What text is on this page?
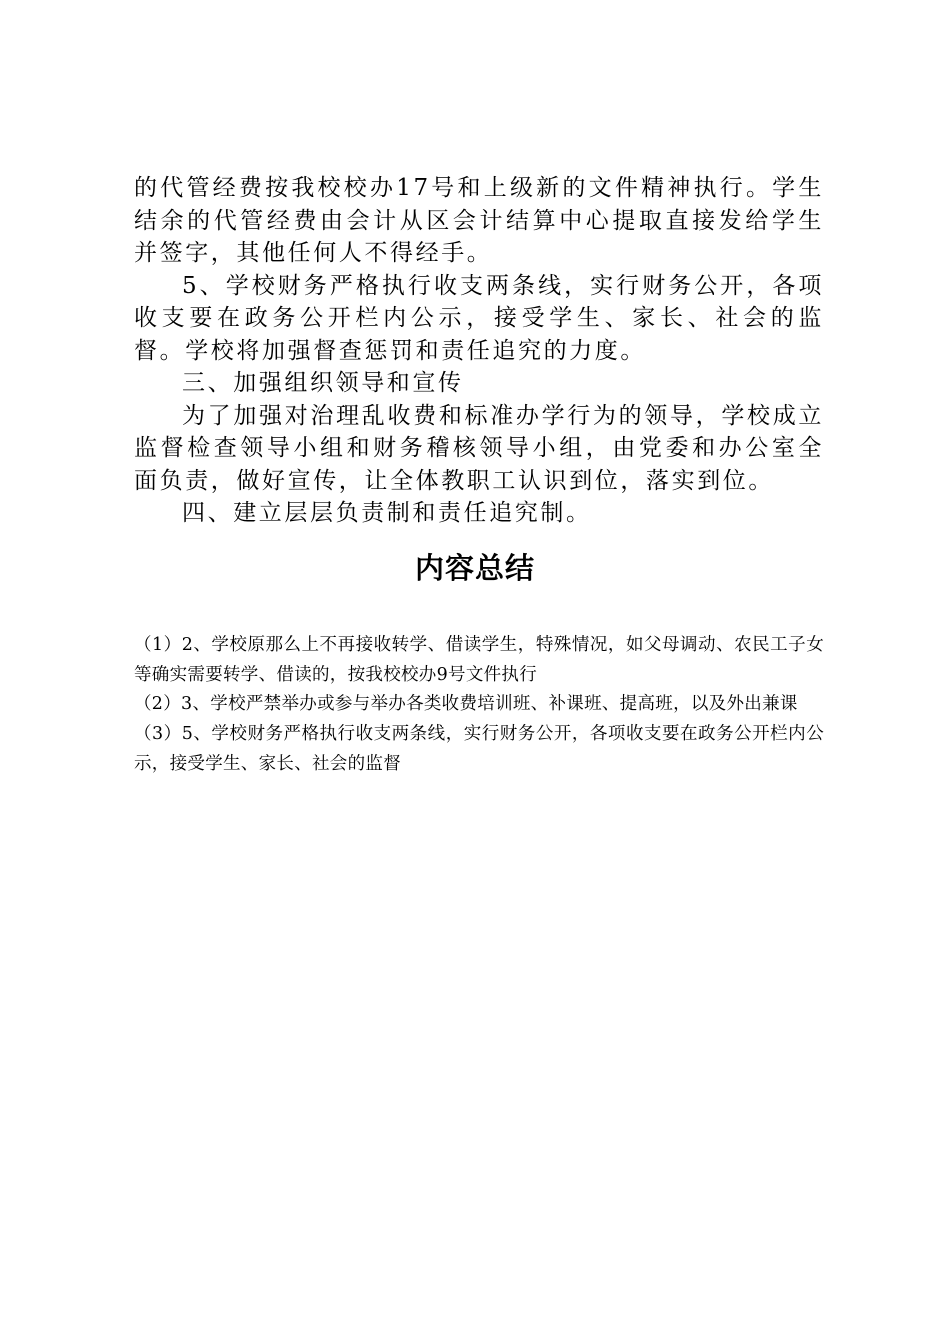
的代管经费按我校校办17号和上级新的文件精神执行。学生结余的代管经费由会计从区会计结算中心提取直接发给学生并签字，其他任何人不得经手。

5、学校财务严格执行收支两条线，实行财务公开，各项收支要在政务公开栏内公示，接受学生、家长、社会的监督。学校将加强督查惩罚和责任追究的力度。

三、加强组织领导和宣传

为了加强对治理乱收费和标准办学行为的领导，学校成立监督检查领导小组和财务稽核领导小组，由党委和办公室全面负责，做好宣传，让全体教职工认识到位，落实到位。

四、建立层层负责制和责任追究制。

内容总结

（1）2、学校原那么上不再接收转学、借读学生，特殊情况，如父母调动、农民工子女等确实需要转学、借读的，按我校校办9号文件执行

（2）3、学校严禁举办或参与举办各类收费培训班、补课班、提高班，以及外出兼课

（3）5、学校财务严格执行收支两条线，实行财务公开，各项收支要在政务公开栏内公示，接受学生、家长、社会的监督
